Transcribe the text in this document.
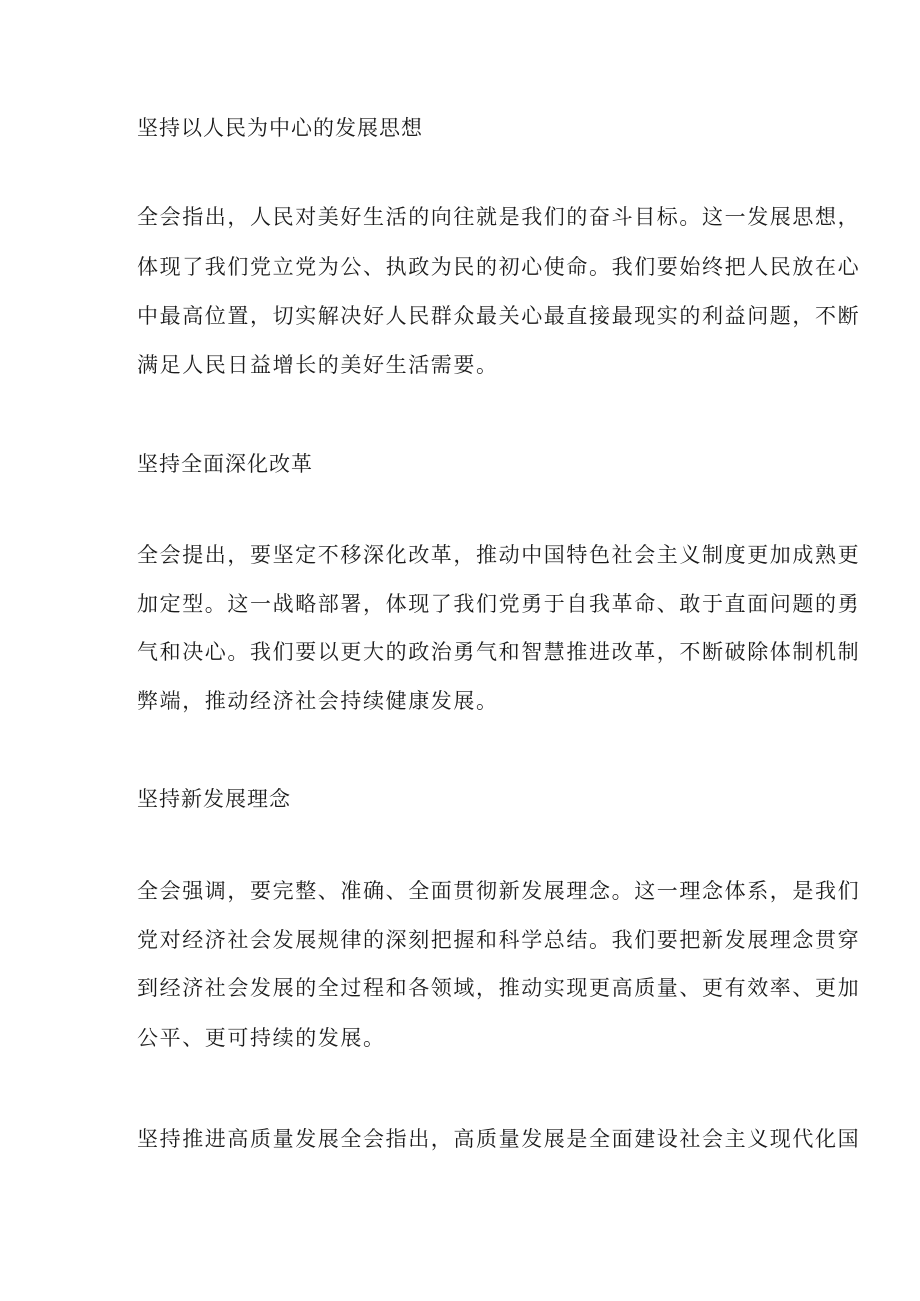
坚持以人民为中心的发展思想
全会指出，人民对美好生活的向往就是我们的奋斗目标。这一发展思想，
体现了我们党立党为公、执政为民的初心使命。我们要始终把人民放在心
中最高位置，切实解决好人民群众最关心最直接最现实的利益问题，不断
满足人民日益增长的美好生活需要。
坚持全面深化改革
全会提出，要坚定不移深化改革，推动中国特色社会主义制度更加成熟更
加定型。这一战略部署，体现了我们党勇于自我革命、敢于直面问题的勇
气和决心。我们要以更大的政治勇气和智慧推进改革，不断破除体制机制
弊端，推动经济社会持续健康发展。
坚持新发展理念
全会强调，要完整、准确、全面贯彻新发展理念。这一理念体系，是我们
党对经济社会发展规律的深刻把握和科学总结。我们要把新发展理念贯穿
到经济社会发展的全过程和各领域，推动实现更高质量、更有效率、更加
公平、更可持续的发展。
坚持推进高质量发展全会指出，高质量发展是全面建设社会主义现代化国
